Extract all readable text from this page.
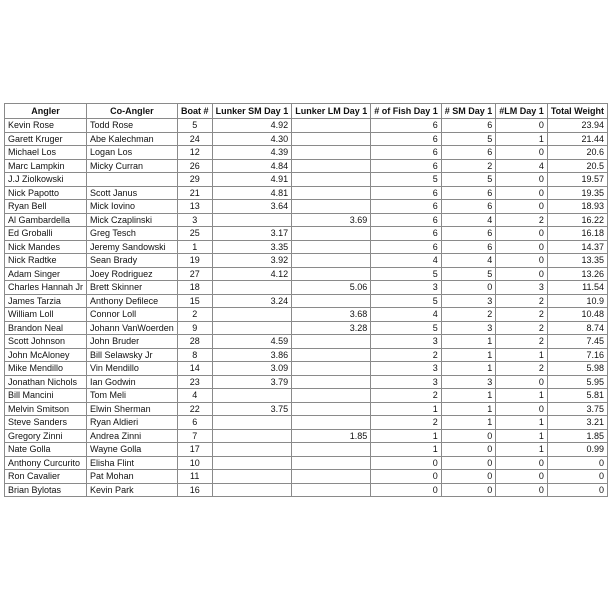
Angler	Co-Angler	Boat #	Lunker SM Day 1	Lunker LM Day 1	# of Fish Day 1	# SM Day 1	#LM Day 1	Total Weight
Kevin Rose	Todd Rose	5	4.92		6	6	0	23.94
Garett Kruger	Abe Kalechman	24	4.30		6	5	1	21.44
Michael Los	Logan Los	12	4.39		6	6	0	20.6
Marc Lampkin	Micky Curran	26	4.84		6	2	4	20.5
J.J Ziolkowski		29	4.91		5	5	0	19.57
Nick Papotto	Scott Janus	21	4.81		6	6	0	19.35
Ryan Bell	Mick Iovino	13	3.64		6	6	0	18.93
Al Gambardella	Mick Czaplinski	3		3.69	6	4	2	16.22
Ed Groballi	Greg Tesch	25	3.17		6	6	0	16.18
Nick Mandes	Jeremy Sandowski	1	3.35		6	6	0	14.37
Nick Radtke	Sean Brady	19	3.92		4	4	0	13.35
Adam Singer	Joey Rodriguez	27	4.12		5	5	0	13.26
Charles Hannah Jr	Brett Skinner	18		5.06	3	0	3	11.54
James Tarzia	Anthony Defilece	15	3.24		5	3	2	10.9
William Loll	Connor Loll	2		3.68	4	2	2	10.48
Brandon Neal	Johann VanWoerden	9		3.28	5	3	2	8.74
Scott Johnson	John Bruder	28	4.59		3	1	2	7.45
John McAloney	Bill Selawsky Jr	8	3.86		2	1	1	7.16
Mike Mendillo	Vin Mendillo	14	3.09		3	1	2	5.98
Jonathan Nichols	Ian Godwin	23	3.79		3	3	0	5.95
Bill Mancini	Tom Meli	4			2	1	1	5.81
Melvin Smitson	Elwin Sherman	22	3.75		1	1	0	3.75
Steve Sanders	Ryan Aldieri	6			2	1	1	3.21
Gregory Zinni	Andrea Zinni	7		1.85	1	0	1	1.85
Nate Golla	Wayne Golla	17			1	0	1	0.99
Anthony Curcurito	Elisha Flint	10			0	0	0	0
Ron Cavalier	Pat Mohan	11			0	0	0	0
Brian Bylotas	Kevin Park	16			0	0	0	0
